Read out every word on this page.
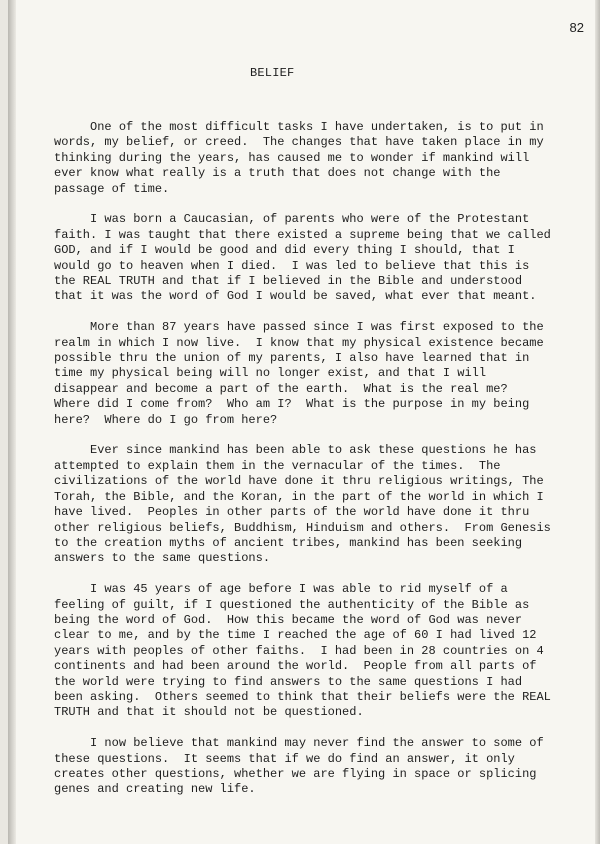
82
BELIEF

One of the most difficult tasks I have undertaken, is to put in words, my belief, or creed.  The changes that have taken place in my thinking during the years, has caused me to wonder if mankind will ever know what really is a truth that does not change with the passage of time.

I was born a Caucasian, of parents who were of the Protestant faith. I was taught that there existed a supreme being that we called GOD, and if I would be good and did every thing I should, that I would go to heaven when I died.  I was led to believe that this is the REAL TRUTH and that if I believed in the Bible and understood that it was the word of God I would be saved, what ever that meant.

More than 87 years have passed since I was first exposed to the realm in which I now live.  I know that my physical existence became possible thru the union of my parents, I also have learned that in time my physical being will no longer exist, and that I will disappear and become a part of the earth.  What is the real me?  Where did I come from?  Who am I?  What is the purpose in my being here?  Where do I go from here?

Ever since mankind has been able to ask these questions he has attempted to explain them in the vernacular of the times.  The civilizations of the world have done it thru religious writings, The Torah, the Bible, and the Koran, in the part of the world in which I have lived.  Peoples in other parts of the world have done it thru other religious beliefs, Buddhism, Hinduism and others.  From Genesis to the creation myths of ancient tribes, mankind has been seeking answers to the same questions.

I was 45 years of age before I was able to rid myself of a feeling of guilt, if I questioned the authenticity of the Bible as being the word of God.  How this became the word of God was never clear to me, and by the time I reached the age of 60 I had lived 12 years with peoples of other faiths.  I had been in 28 countries on 4 continents and had been around the world.  People from all parts of the world were trying to find answers to the same questions I had been asking.  Others seemed to think that their beliefs were the REAL TRUTH and that it should not be questioned.

I now believe that mankind may never find the answer to some of these questions.  It seems that if we do find an answer, it only creates other questions, whether we are flying in space or splicing genes and creating new life.
